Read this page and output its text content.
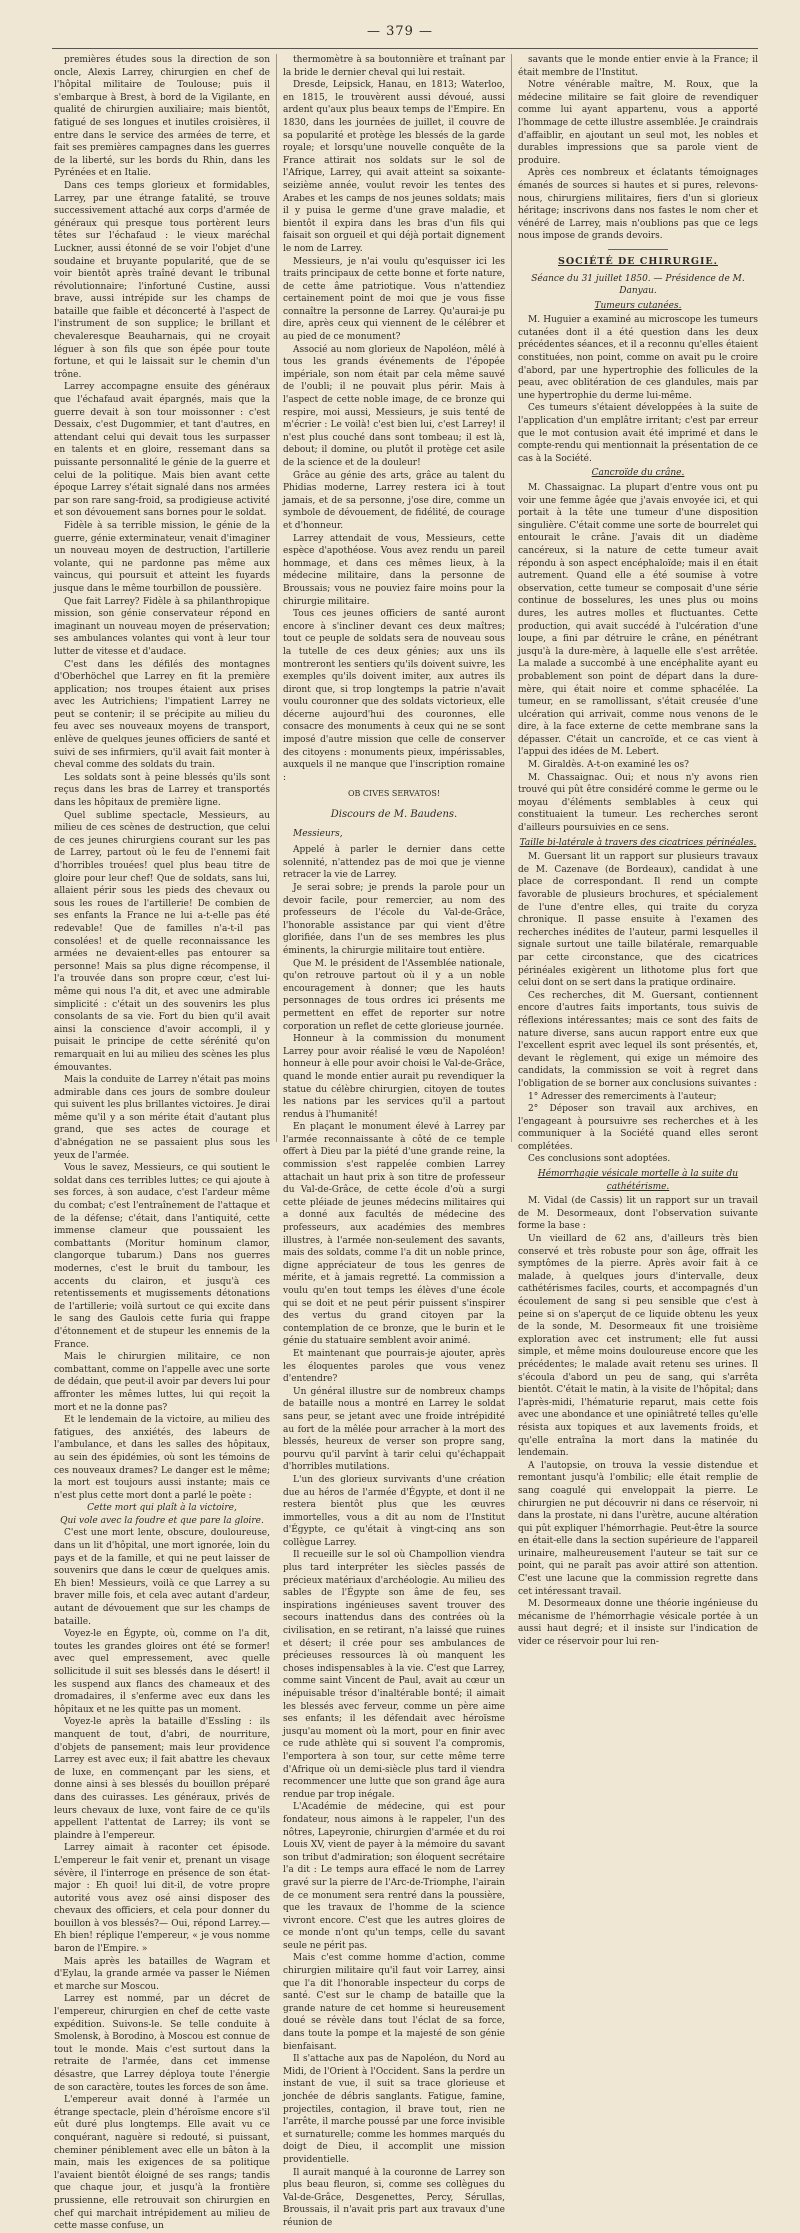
— 379 —

premières études sous la direction de son oncle, Alexis Larrey, chirurgien en chef de l'hôpital militaire de Toulouse; puis il s'embarque à Brest, à bord de la Vigilante, en qualité de chirurgien auxiliaire; mais bientôt, fatigué de ses longues et inutiles croisières, il entre dans le service des armées de terre, et fait ses premières campagnes dans les guerres de la liberté, sur les bords du Rhin, dans les Pyrénées et en Italie.

Dans ces temps glorieux et formidables, Larrey, par une étrange fatalité, se trouve successivement attaché aux corps d'armée de généraux qui presque tous portèrent leurs têtes sur l'échafaud : le vieux maréchal Luckner, aussi étonné de se voir l'objet d'une soudaine et bruyante popularité, que de se voir bientôt après traîné devant le tribunal révolutionnaire; l'infortuné Custine, aussi brave, aussi intrépide sur les champs de bataille que faible et déconcerté à l'aspect de l'instrument de son supplice; le brillant et chevaleresque Beauharnais, qui ne croyait léguer à son fils que son épée pour toute fortune, et qui le laissait sur le chemin d'un trône.

Larrey accompagne ensuite des généraux que l'échafaud avait épargnés, mais que la guerre devait à son tour moissonner : c'est Dessaix, c'est Dugommier, et tant d'autres, en attendant celui qui devait tous les surpasser en talents et en gloire, ressemant dans sa puissante personnalité le génie de la guerre et celui de la politique. Mais bien avant cette époque Larrey s'était signalé dans nos armées par son rare sang-froid, sa prodigieuse activité et son dévouement sans bornes pour le soldat.

Fidèle à sa terrible mission, le génie de la guerre, génie exterminateur, venait d'imaginer un nouveau moyen de destruction, l'artillerie volante, qui ne pardonne pas même aux vaincus, qui poursuit et atteint les fuyards jusque dans le même tourbillon de poussière.

Que fait Larrey? Fidèle à sa philanthropique mission, son génie conservateur répond en imaginant un nouveau moyen de préservation; ses ambulances volantes qui vont à leur tour lutter de vitesse et d'audace.

C'est dans les défilés des montagnes d'Oberhöchel que Larrey en fit la première application; nos troupes étaient aux prises avec les Autrichiens; l'impatient Larrey ne peut se contenir; il se précipite au milieu du feu avec ses nouveaux moyens de transport, enlève de quelques jeunes officiers de santé et suivi de ses infirmiers, qu'il avait fait monter à cheval comme des soldats du train.

Les soldats sont à peine blessés qu'ils sont reçus dans les bras de Larrey et transportés dans les hôpitaux de première ligne.

Quel sublime spectacle, Messieurs, au milieu de ces scènes de destruction, que celui de ces jeunes chirurgiens courant sur les pas de Larrey, partout où le feu de l'ennemi fait d'horribles trouées! quel plus beau titre de gloire pour leur chef! Que de soldats, sans lui, allaient périr sous les pieds des chevaux ou sous les roues de l'artillerie! De combien de ses enfants la France ne lui a-t-elle pas été redevable! Que de familles n'a-t-il pas consolées! et de quelle reconnaissance les armées ne devaient-elles pas entourer sa personne! Mais sa plus digne récompense, il l'a trouvée dans son propre cœur, c'est lui-même qui nous l'a dit, et avec une admirable simplicité : c'était un des souvenirs les plus consolants de sa vie. Fort du bien qu'il avait ainsi la conscience d'avoir accompli, il y puisait le principe de cette sérénité qu'on remarquait en lui au milieu des scènes les plus émouvantes.

Mais la conduite de Larrey n'était pas moins admirable dans ces jours de sombre douleur qui suivent les plus brillantes victoires. Je dirai même qu'il y a son mérite était d'autant plus grand, que ses actes de courage et d'abnégation ne se passaient plus sous les yeux de l'armée.

Vous le savez, Messieurs, ce qui soutient le soldat dans ces terribles luttes; ce qui ajoute à ses forces, à son audace, c'est l'ardeur même du combat; c'est l'entraînement de l'attaque et de la défense; c'était, dans l'antiquité, cette immense clameur que poussaient les combattants (Moritur hominum clamor, clangorque tubarum.) Dans nos guerres modernes, c'est le bruit du tambour, les accents du clairon, et jusqu'à ces retentissements et mugissements détonations de l'artillerie; voilà surtout ce qui excite dans le sang des Gaulois cette furia qui frappe d'étonnement et de stupeur les ennemis de la France.

Mais le chirurgien militaire, ce non combattant, comme on l'appelle avec une sorte de dédain, que peut-il avoir par devers lui pour affronter les mêmes luttes, lui qui reçoit la mort et ne la donne pas?

Et le lendemain de la victoire, au milieu des fatigues, des anxiétés, des labeurs de l'ambulance, et dans les salles des hôpitaux, au sein des épidémies, où sont les témoins de ces nouveaux drames? Le danger est le même; la mort est toujours aussi instante; mais ce n'est plus cette mort dont a parlé le poète :

Cette mort qui plaît à la victoire,

Qui vole avec la foudre et que pare la gloire.

C'est une mort lente, obscure, douloureuse, dans un lit d'hôpital, une mort ignorée, loin du pays et de la famille, et qui ne peut laisser de souvenirs que dans le cœur de quelques amis. Eh bien! Messieurs, voilà ce que Larrey a su braver mille fois, et cela avec autant d'ardeur, autant de dévouement que sur les champs de bataille.

Voyez-le en Égypte, où, comme on l'a dit, toutes les grandes gloires ont été se former! avec quel empressement, avec quelle sollicitude il suit ses blessés dans le désert! il les suspend aux flancs des chameaux et des dromadaires, il s'enferme avec eux dans les hôpitaux et ne les quitte pas un moment.

Voyez-le après la bataille d'Essling : ils manquent de tout, d'abri, de nourriture, d'objets de pansement; mais leur providence Larrey est avec eux; il fait abattre les chevaux de luxe, en commençant par les siens, et donne ainsi à ses blessés du bouillon préparé dans des cuirasses. Les généraux, privés de leurs chevaux de luxe, vont faire de ce qu'ils appellent l'attentat de Larrey; ils vont se plaindre à l'empereur.

Larrey aimait à raconter cet épisode. L'empereur le fait venir et, prenant un visage sévère, il l'interroge en présence de son état-major : Eh quoi! lui dit-il, de votre propre autorité vous avez osé ainsi disposer des chevaux des officiers, et cela pour donner du bouillon à vos blessés?— Oui, répond Larrey.— Eh bien! réplique l'empereur, « je vous nomme baron de l'Empire. »

Mais après les batailles de Wagram et d'Eylau, la grande armée va passer le Niémen et marche sur Moscou.

Larrey est nommé, par un décret de l'empereur, chirurgien en chef de cette vaste expédition. Suivons-le. Se telle conduite à Smolensk, à Borodino, à Moscou est connue de tout le monde. Mais c'est surtout dans la retraite de l'armée, dans cet immense désastre, que Larrey déploya toute l'énergie de son caractère, toutes les forces de son âme.

L'empereur avait donné à l'armée un étrange spectacle, plein d'héroïsme encore s'il eût duré plus longtemps. Elle avait vu ce conquérant, naguère si redouté, si puissant, cheminer péniblement avec elle un bâton à la main, mais les exigences de sa politique l'avaient bientôt éloigné de ses rangs; tandis que chaque jour, et jusqu'à la frontière prussienne, elle retrouvait son chirurgien en chef qui marchait intrépidement au milieu de cette masse confuse, un

thermomètre à sa boutonnière et traînant par la bride le dernier cheval qui lui restait.

Dresde, Leipsick, Hanau, en 1813; Waterloo, en 1815, le trouvèrent aussi dévoué, aussi ardent qu'aux plus beaux temps de l'Empire. En 1830, dans les journées de juillet, il couvre de sa popularité et protège les blessés de la garde royale; et lorsqu'une nouvelle conquête de la France attirait nos soldats sur le sol de l'Afrique, Larrey, qui avait atteint sa soixante-seizième année, voulut revoir les tentes des Arabes et les camps de nos jeunes soldats; mais il y puisa le germe d'une grave maladie, et bientôt il expira dans les bras d'un fils qui faisait son orgueil et qui déjà portait dignement le nom de Larrey.

Messieurs, je n'ai voulu qu'esquisser ici les traits principaux de cette bonne et forte nature, de cette âme patriotique. Vous n'attendiez certainement point de moi que je vous fisse connaître la personne de Larrey. Qu'aurai-je pu dire, après ceux qui viennent de le célébrer et au pied de ce monument?

Associé au nom glorieux de Napoléon, mêlé à tous les grands événements de l'épopée impériale, son nom était par cela même sauvé de l'oubli; il ne pouvait plus périr. Mais à l'aspect de cette noble image, de ce bronze qui respire, moi aussi, Messieurs, je suis tenté de m'écrier : Le voilà! c'est bien lui, c'est Larrey! il n'est plus couché dans sont tombeau; il est là, debout; il domine, ou plutôt il protège cet asile de la science et de la douleur!

Grâce au génie des arts, grâce au talent du Phidias moderne, Larrey restera ici à tout jamais, et de sa personne, j'ose dire, comme un symbole de dévouement, de fidélité, de courage et d'honneur.

Larrey attendait de vous, Messieurs, cette espèce d'apothéose. Vous avez rendu un pareil hommage, et dans ces mêmes lieux, à la médecine militaire, dans la personne de Broussais; vous ne pouviez faire moins pour la chirurgie militaire.

Tous ces jeunes officiers de santé auront encore à s'incliner devant ces deux maîtres; tout ce peuple de soldats sera de nouveau sous la tutelle de ces deux génies; aux uns ils montreront les sentiers qu'ils doivent suivre, les exemples qu'ils doivent imiter, aux autres ils diront que, si trop longtemps la patrie n'avait voulu couronner que des soldats victorieux, elle décerne aujourd'hui des couronnes, elle consacre des monuments à ceux qui ne se sont imposé d'autre mission que celle de conserver des citoyens : monuments pieux, impérissables, auxquels il ne manque que l'inscription romaine :

OB CIVES SERVATOS!

Discours de M. Baudens.

Messieurs,

Appelé à parler le dernier dans cette solennité, n'attendez pas de moi que je vienne retracer la vie de Larrey.

Je serai sobre; je prends la parole pour un devoir facile, pour remercier, au nom des professeurs de l'école du Val-de-Grâce, l'honorable assistance par qui vient d'être glorifiée, dans l'un de ses membres les plus éminents, la chirurgie militaire tout entière.

Que M. le président de l'Assemblée nationale, qu'on retrouve partout où il y a un noble encouragement à donner; que les hauts personnages de tous ordres ici présents me permettent en effet de reporter sur notre corporation un reflet de cette glorieuse journée.

Honneur à la commission du monument Larrey pour avoir réalisé le vœu de Napoléon! honneur à elle pour avoir choisi le Val-de-Grâce, quand le monde entier aurait pu revendiquer la statue du célèbre chirurgien, citoyen de toutes les nations par les services qu'il a partout rendus à l'humanité!

En plaçant le monument élevé à Larrey par l'armée reconnaissante à côté de ce temple offert à Dieu par la piété d'une grande reine, la commission s'est rappelée combien Larrey attachait un haut prix à son titre de professeur du Val-de-Grâce, de cette école d'où a surgi cette pléiade de jeunes médecins militaires qui a donné aux facultés de médecine des professeurs, aux académies des membres illustres, à l'armée non-seulement des savants, mais des soldats, comme l'a dit un noble prince, digne appréciateur de tous les genres de mérite, et à jamais regretté. La commission a voulu qu'en tout temps les élèves d'une école qui se doit et ne peut périr puissent s'inspirer des vertus du grand citoyen par la contemplation de ce bronze, que le burin et le génie du statuaire semblent avoir animé.

Et maintenant que pourrais-je ajouter, après les éloquentes paroles que vous venez d'entendre?

Un général illustre sur de nombreux champs de bataille nous a montré en Larrey le soldat sans peur, se jetant avec une froide intrépidité au fort de la mêlée pour arracher à la mort des blessés, heureux de verser son propre sang, pourvu qu'il parvînt à tarir celui qu'échappait d'horribles mutilations.

L'un des glorieux survivants d'une création due au héros de l'armée d'Égypte, et dont il ne restera bientôt plus que les œuvres immortelles, vous a dit au nom de l'Institut d'Égypte, ce qu'était à vingt-cinq ans son collègue Larrey.

Il recueille sur le sol où Champollion viendra plus tard interpréter les siècles passés de précieux matériaux d'archéologie. Au milieu des sables de l'Égypte son âme de feu, ses inspirations ingénieuses savent trouver des secours inattendus dans des contrées où la civilisation, en se retirant, n'a laissé que ruines et désert; il crée pour ses ambulances de précieuses ressources là où manquent les choses indispensables à la vie. C'est que Larrey, comme saint Vincent de Paul, avait au cœur un inépuisable trésor d'inaltérable bonté; il aimait les blessés avec ferveur, comme un père aime ses enfants; il les défendait avec héroïsme jusqu'au moment où la mort, pour en finir avec ce rude athlète qui si souvent l'a compromis, l'emportera à son tour, sur cette même terre d'Afrique où un demi-siècle plus tard il viendra recommencer une lutte que son grand âge aura rendue par trop inégale.

L'Académie de médecine, qui est pour fondateur, nous aimons à le rappeler, l'un des nôtres, Lapeyronie, chirurgien d'armée et du roi Louis XV, vient de payer à la mémoire du savant son tribut d'admiration; son éloquent secrétaire l'a dit : Le temps aura effacé le nom de Larrey gravé sur la pierre de l'Arc-de-Triomphe, l'airain de ce monument sera rentré dans la poussière, que les travaux de l'homme de la science vivront encore. C'est que les autres gloires de ce monde n'ont qu'un temps, celle du savant seule ne périt pas.

Mais c'est comme homme d'action, comme chirurgien militaire qu'il faut voir Larrey, ainsi que l'a dit l'honorable inspecteur du corps de santé. C'est sur le champ de bataille que la grande nature de cet homme si heureusement doué se révèle dans tout l'éclat de sa force, dans toute la pompe et la majesté de son génie bienfaisant.

Il s'attache aux pas de Napoléon, du Nord au Midi, de l'Orient à l'Occident. Sans la perdre un instant de vue, il suit sa trace glorieuse et jonchée de débris sanglants. Fatigue, famine, projectiles, contagion, il brave tout, rien ne l'arrête, il marche poussé par une force invisible et surnaturelle; comme les hommes marqués du doigt de Dieu, il accomplit une mission providentielle.

Il aurait manqué à la couronne de Larrey son plus beau fleuron, si, comme ses collègues du Val-de-Grâce, Desgenettes, Percy, Sérullas, Broussais, il n'avait pris part aux travaux d'une réunion de

savants que le monde entier envie à la France; il était membre de l'Institut.

Notre vénérable maître, M. Roux, que la médecine militaire se fait gloire de revendiquer comme lui ayant appartenu, vous a apporté l'hommage de cette illustre assemblée. Je craindrais d'affaiblir, en ajoutant un seul mot, les nobles et durables impressions que sa parole vient de produire.

Après ces nombreux et éclatants témoignages émanés de sources si hautes et si pures, relevons-nous, chirurgiens militaires, fiers d'un si glorieux héritage; inscrivons dans nos fastes le nom cher et vénéré de Larrey, mais n'oublions pas que ce legs nous impose de grands devoirs.

SOCIÉTÉ DE CHIRURGIE.

Séance du 31 juillet 1850. — Présidence de M. Danyau.

Tumeurs cutanées.

M. Huguier a examiné au microscope les tumeurs cutanées dont il a été question dans les deux précédentes séances, et il a reconnu qu'elles étaient constituées, non point, comme on avait pu le croire d'abord, par une hypertrophie des follicules de la peau, avec oblitération de ces glandules, mais par une hypertrophie du derme lui-même.

Ces tumeurs s'étaient développées à la suite de l'application d'un emplâtre irritant; c'est par erreur que le mot contusion avait été imprimé et dans le compte-rendu qui mentionnait la présentation de ce cas à la Société.

Cancroïde du crâne.

M. Chassaignac. La plupart d'entre vous ont pu voir une femme âgée que j'avais envoyée ici, et qui portait à la tête une tumeur d'une disposition singulière. C'était comme une sorte de bourrelet qui entourait le crâne. J'avais dit un diadème cancéreux, si la nature de cette tumeur avait répondu à son aspect encéphaloïde; mais il en était autrement. Quand elle a été soumise à votre observation, cette tumeur se composait d'une série continue de bosselures, les unes plus ou moins dures, les autres molles et fluctuantes. Cette production, qui avait succédé à l'ulcération d'une loupe, a fini par détruire le crâne, en pénétrant jusqu'à la dure-mère, à laquelle elle s'est arrêtée. La malade a succombé à une encéphalite ayant eu probablement son point de départ dans la dure-mère, qui était noire et comme sphacélée. La tumeur, en se ramollissant, s'était creusée d'une ulcération qui arrivait, comme nous venons de le dire, à la face externe de cette membrane sans la dépasser. C'était un cancroïde, et ce cas vient à l'appui des idées de M. Lebert.

M. Giraldès. A-t-on examiné les os?

M. Chassaignac. Oui; et nous n'y avons rien trouvé qui pût être considéré comme le germe ou le moyau d'éléments semblables à ceux qui constituaient la tumeur. Les recherches seront d'ailleurs poursuivies en ce sens.

Taille bi-latérale à travers des cicatrices périnéales.

M. Guersant lit un rapport sur plusieurs travaux de M. Cazenave (de Bordeaux), candidat à une place de correspondant. Il rend un compte favorable de plusieurs brochures, et spécialement de l'une d'entre elles, qui traite du coryza chronique. Il passe ensuite à l'examen des recherches inédites de l'auteur, parmi lesquelles il signale surtout une taille bilatérale, remarquable par cette circonstance, que des cicatrices périnéales exigèrent un lithotome plus fort que celui dont on se sert dans la pratique ordinaire.

Ces recherches, dit M. Guersant, contiennent encore d'autres faits importants, tous suivis de réflexions intéressantes; mais ce sont des faits de nature diverse, sans aucun rapport entre eux que l'excellent esprit avec lequel ils sont présentés, et, devant le règlement, qui exige un mémoire des candidats, la commission se voit à regret dans l'obligation de se borner aux conclusions suivantes :

1° Adresser des remerciments à l'auteur;

2° Déposer son travail aux archives, en l'engageant à poursuivre ses recherches et à les communiquer à la Société quand elles seront complétées.

Ces conclusions sont adoptées.

Hémorrhagie vésicale mortelle à la suite du cathétérisme.

M. Vidal (de Cassis) lit un rapport sur un travail de M. Desormeaux, dont l'observation suivante forme la base :

Un vieillard de 62 ans, d'ailleurs très bien conservé et très robuste pour son âge, offrait les symptômes de la pierre. Après avoir fait à ce malade, à quelques jours d'intervalle, deux cathétérismes faciles, courts, et accompagnés d'un écoulement de sang si peu sensible que c'est à peine si on s'aperçut de ce liquide obtenu les yeux de la sonde, M. Desormeaux fit une troisième exploration avec cet instrument; elle fut aussi simple, et même moins douloureuse encore que les précédentes; le malade avait retenu ses urines. Il s'écoula d'abord un peu de sang, qui s'arrêta bientôt. C'était le matin, à la visite de l'hôpital; dans l'après-midi, l'hématurie reparut, mais cette fois avec une abondance et une opiniâtreté telles qu'elle résista aux topiques et aux lavements froids, et qu'elle entraîna la mort dans la matinée du lendemain.

A l'autopsie, on trouva la vessie distendue et remontant jusqu'à l'ombilic; elle était remplie de sang coagulé qui enveloppait la pierre. Le chirurgien ne put découvrir ni dans ce réservoir, ni dans la prostate, ni dans l'urètre, aucune altération qui pût expliquer l'hémorrhagie. Peut-être la source en était-elle dans la section supérieure de l'appareil urinaire, malheureusement l'auteur se tait sur ce point, qui ne paraît pas avoir attiré son attention. C'est une lacune que la commission regrette dans cet intéressant travail.

M. Desormeaux donne une théorie ingénieuse du mécanisme de l'hémorrhagie vésicale portée à un aussi haut degré; et il insiste sur l'indication de vider ce réservoir pour lui ren-
